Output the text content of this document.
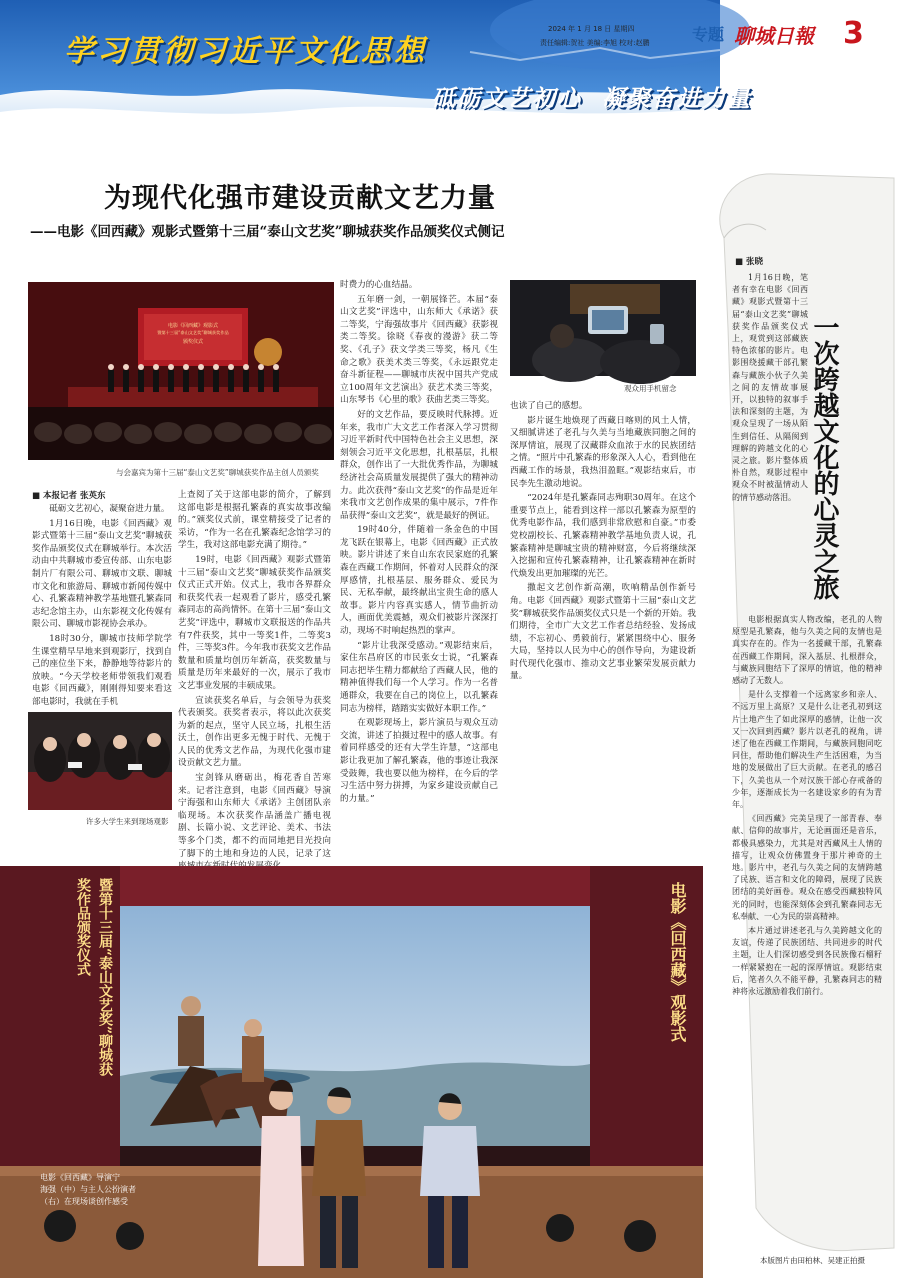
学习贯彻习近平文化思想
砥砺文艺初心  凝聚奋进力量
2024 年 1 月 18 日 星期四
责任编辑:贺社 美编:李旭 校对:赵鹏	专题 聊城日報 3
为现代化强市建设贡献文艺力量
——电影《回西藏》观影式暨第十三届“泰山文艺奖”聊城获奖作品颁奖仪式侧记
电影《回西藏》观影式
暨第十三届“泰山文艺奖”聊城获奖作品
颁奖仪式
与会嘉宾为第十三届“泰山文艺奖”聊城获奖作品主创人员颁奖
观众用手机留念
■ 本报记者 张英东

砥砺文艺初心，凝聚奋进力量。

1月16日晚，电影《回西藏》观影式暨第十三届“泰山文艺奖”聊城获奖作品颁奖仪式在聊城举行。本次活动由中共聊城市委宣传部、山东电影制片厂有限公司、聊城市文联、聊城市文化和旅游局、聊城市新闻传媒中心、孔繁森精神教学基地暨孔繁森同志纪念馆主办，山东影视文化传媒有限公司、聊城市影视协会承办。

18时30分，聊城市技师学院学生课堂精早早地来到观影厅，找到自己的座位坐下来，静静地等待影片的放映。“今天学校老师带领我们观看电影《回西藏》，刚刚得知要来看这部电影时，我就在手机

许多大学生来到现场观影

上查阅了关于这部电影的简介，了解到这部电影是根据孔繁森的真实故事改编的。”颁奖仪式前，课堂精接受了记者的采访，“作为一名在孔繁森纪念馆学习的学生，我对这部电影充满了期待。”

19时，电影《回西藏》观影式暨第十三届“泰山文艺奖”聊城获奖作品颁奖仪式正式开始。仪式上，我市各界群众和获奖代表一起观看了影片，感受孔繁森同志的高尚情怀。在第十三届“泰山文艺奖”评选中，聊城市文联报送的作品共有7件获奖，其中一等奖1件，二等奖3件，三等奖3件。今年我市获奖文艺作品数量和质量均创历年新高，获奖数量与质量是历年来最好的一次，展示了我市文艺事业发展的丰硕成果。

宣读获奖名单后，与会领导为获奖代表颁奖。获奖者表示，将以此次获奖为新的起点，坚守人民立场，扎根生活沃土，创作出更多无愧于时代、无愧于人民的优秀文艺作品，为现代化强市建设贡献文艺力量。

宝剑锋从磨砺出，梅花香自苦寒来。记者注意到，电影《回西藏》导演宁海强和山东师大《承诺》主创团队亲临现场。本次获奖作品涵盖广播电视剧、长篇小说、文艺评论、美术、书法等多个门类，都不约而同地把目光投向了脚下的土地和身边的人民，记录了这

时费力的心血结晶。

五年磨一剑，一朝展锋芒。本届“泰山文艺奖”评选中，山东师大《承诺》获二等奖，宁海强故事片《回西藏》获影视类二等奖。徐晓《春夜的漫游》获二等奖、《孔子》获文学类三等奖，杨凡《生命之歌》获美术类三等奖，《永远跟党走 奋斗新征程——聊城市庆祝中国共产党成立100周年文艺演出》获艺术类三等奖，山东琴书《心里的歌》获曲艺类三等奖。

好的文艺作品，要反映时代脉搏。近年来，我市广大文艺工作者深入学习贯彻习近平新时代中国特色社会主义思想，深刻领会习近平文化思想，扎根基层，扎根群众，创作出了一大批优秀作品，为聊城经济社会高质量发展提供了强大的精神动力。此次获得“泰山文艺奖”的作品是近年来我市文艺创作成果的集中展示，7件作品获得“泰山文艺奖”，就是最好的例证。

19时40分，伴随着一条金色的中国龙飞跃在银幕上，电影《回西藏》正式放映。影片讲述了来自山东农民家庭的孔繁森在西藏工作期间，怀着对人民群众的深厚感情，扎根基层、服务群众、爱民为民、无私奉献，最终献出宝贵生命的感人故事。影片内容真实感人，情节曲折动人，画面优美震撼，观众们被影片深深打动，现场不时响起热烈的掌声。

“影片让我深受感动。”观影结束后，家住东昌府区的市民张女士说，“孔繁森同志把毕生精力都献给了西藏人民，他的精神值得我们每一个人学习。作为一名普通群众，我要在自己的岗位上，以孔繁森同志为榜样，踏踏实实做好本职工作。”

在观影现场上，影片演员与观众互动交流，讲述了拍摄过程中的感人故事。有着同样感受的还有大学生许慧，“这部电影让我更加了解孔繁森，他的事迹让我深受鼓舞，我也要以他为榜样，在今后的学习生活中努力拼搏，为家乡建设贡献自己的力量。”

也读了自己的感想。

影片诞生地焕现了西藏日喀则的风土人情，又细腻讲述了老孔与久美与当地藏族同胞之间的深厚情谊，展现了汉藏群众血浓于水的民族团结之情。“照片中孔繁森的形象深入人心，看到他在西藏工作的场景，我热泪盈眶。”观影结束后，市民李先生激动地说。

“2024年是孔繁森同志殉职30周年。在这个重要节点上，能看到这样一部以孔繁森为原型的优秀电影作品，我们感到非常欣慰和自豪。”市委党校副校长、孔繁森精神教学基地负责人说，孔繁森精神是聊城宝贵的精神财富，今后将继续深入挖掘和宣传孔繁森精神，让孔繁森精神在新时代焕发出更加璀璨的光芒。

撒起文艺创作新高潮，吹响精品创作新号角。电影《回西藏》观影式暨第十三届“泰山文艺奖”聊城获奖作品颁奖仪式只是一个新的开始。我们期待，全市广大文艺工作者总结经验、发扬成绩，不忘初心、勇毅前行，紧紧围绕中心、服务大局，坚持以人民为中心的创作导向，为建设新时代现代化强市、推动文艺事业繁荣发展贡献力量。

暨第十三届“泰山文艺奖”聊城获奖作品颁奖仪式	电影《回西藏》观影式
电影《回西藏》导演宁
海强（中）与主人公扮演者
（右）在现场谈创作感受
■ 张晓
一次跨越文化的心灵之旅

1月16日晚，笔者有幸在电影《回西藏》观影式暨第十三届“泰山文艺奖”聊城获奖作品颁奖仪式上，观赏到这部藏族特色浓郁的影片。电影围绕援藏干部孔繁森与藏族小伙子久美之间的友情故事展开，以独特的叙事手法和深刻的主题，为观众呈现了一场从陌生到信任、从隔阂到理解的跨越文化的心灵之旅。影片整体质朴自然，观影过程中观众不时被温情动人的情节感动落泪。

电影根据真实人物改编，老孔的人物原型是孔繁森，他与久美之间的友情也是真实存在的。作为一名援藏干部，孔繁森在西藏工作期间，深入基层、扎根群众，与藏族同胞结下了深厚的情谊，他的精神感动了无数人。

是什么支撑着一个远离家乡和亲人、不远万里上高原？又是什么让老孔初到这片土地产生了如此深厚的感情，让他一次又一次回到西藏？影片以老孔的视角，讲述了他在西藏工作期间，与藏族同胞同吃同住，帮助他们解决生产生活困难，为当地的发展做出了巨大贡献。在老孔的感召下，久美也从一个对汉族干部心存戒备的少年，逐渐成长为一名建设家乡的有为青年。

《回西藏》完美呈现了一部青春、奉献、信仰的故事片，无论画面还是音乐，都极具感染力，尤其是对西藏风土人情的描写，让观众仿佛置身于那片神奇的土地。影片中，老孔与久美之间的友情跨越了民族、语言和文化的障碍，展现了民族团结的美好画卷。观众在感受西藏独特风光的同时，也能深刻体会到孔繁森同志无私奉献、一心为民的崇高精神。

本片通过讲述老孔与久美跨越文化的友谊，传递了民族团结、共同进步的时代主题，让人们深切感受到各民族像石榴籽一样紧紧抱在一起的深厚情谊。观影结束后，笔者久久不能平静，孔繁森同志的精神将永远激励着我们前行。

本版图片由田柏林、吴建正拍摄
